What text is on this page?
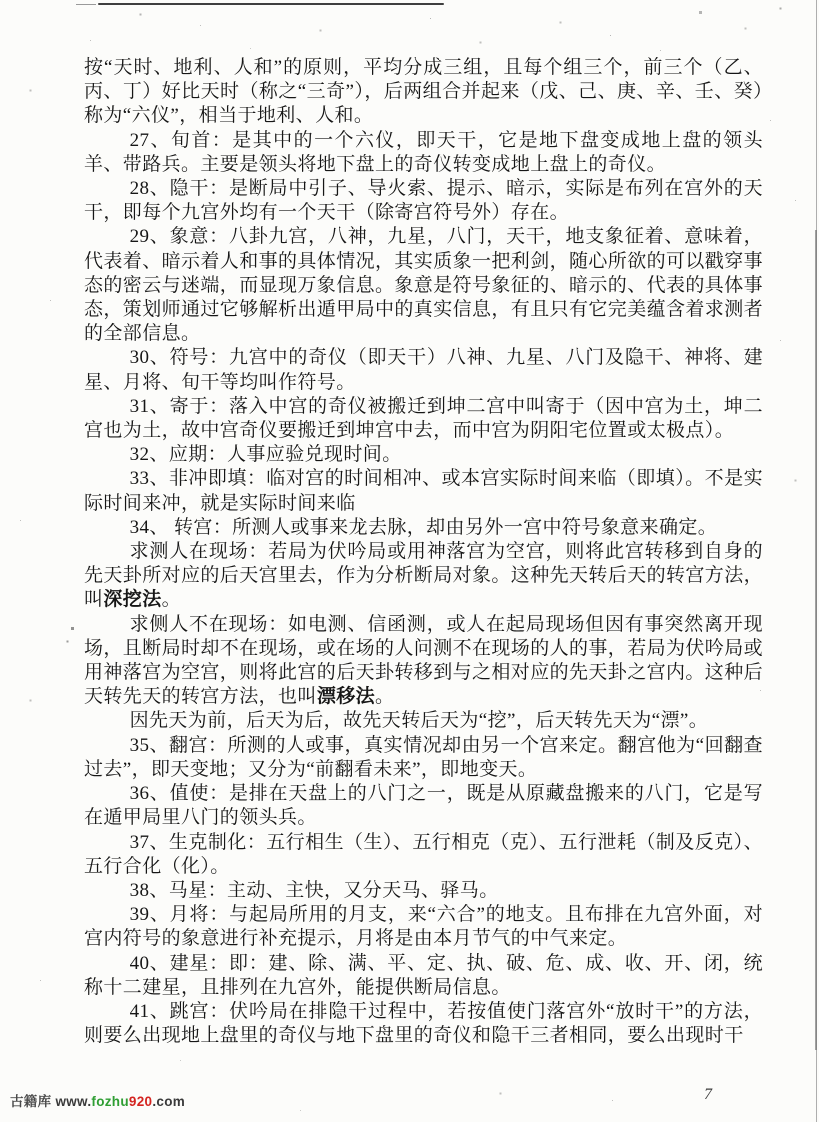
按“天时、地利、人和”的原则，平均分成三组，且每个组三个，前三个（乙、丙、丁）好比天时（称之“三奇”），后两组合并起来（戊、己、庚、辛、壬、癸）称为“六仪”，相当于地利、人和。

27、旬首：是其中的一个六仪，即天干，它是地下盘变成地上盘的领头羊、带路兵。主要是领头将地下盘上的奇仪转变成地上盘上的奇仪。

28、隐干：是断局中引子、导火索、提示、暗示，实际是布列在宫外的天干，即每个九宫外均有一个天干（除寄宫符号外）存在。

29、象意：八卦九宫，八神，九星，八门，天干，地支象征着、意味着，代表着、暗示着人和事的具体情况，其实质象一把利剑，随心所欲的可以戳穿事态的密云与迷端，而显现万象信息。象意是符号象征的、暗示的、代表的具体事态，策划师通过它够解析出遁甲局中的真实信息，有且只有它完美蕴含着求测者的全部信息。

30、符号：九宫中的奇仪（即天干）八神、九星、八门及隐干、神将、建星、月将、旬干等均叫作符号。

31、寄于：落入中宫的奇仪被搬迁到坤二宫中叫寄于（因中宫为土，坤二宫也为土，故中宫奇仪要搬迁到坤宫中去，而中宫为阴阳宅位置或太极点）。

32、应期：人事应验兑现时间。

33、非冲即填：临对宫的时间相冲、或本宫实际时间来临（即填）。不是实际时间来冲，就是实际时间来临

34、 转宫：所测人或事来龙去脉，却由另外一宫中符号象意来确定。

求测人在现场：若局为伏吟局或用神落宫为空宫，则将此宫转移到自身的先天卦所对应的后天宫里去，作为分析断局对象。这种先天转后天的转宫方法，叫深挖法。

求侧人不在现场：如电测、信函测，或人在起局现场但因有事突然离开现场，且断局时却不在现场，或在场的人问测不在现场的人的事，若局为伏吟局或用神落宫为空宫，则将此宫的后天卦转移到与之相对应的先天卦之宫内。这种后天转先天的转宫方法，也叫漂移法。

因先天为前，后天为后，故先天转后天为“挖”，后天转先天为“漂”。

35、翻宫：所测的人或事，真实情况却由另一个宫来定。翻宫他为“回翻查过去”，即天变地；又分为“前翻看未来”，即地变天。

36、值使：是排在天盘上的八门之一，既是从原藏盘搬来的八门，它是写在遁甲局里八门的领头兵。

37、生克制化：五行相生（生）、五行相克（克）、五行泄耗（制及反克）、五行合化（化）。

38、马星：主动、主快，又分天马、驿马。

39、月将：与起局所用的月支，来“六合”的地支。且布排在九宫外面，对宫内符号的象意进行补充提示，月将是由本月节气的中气来定。

40、建星：即：建、除、满、平、定、执、破、危、成、收、开、闭，统称十二建星，且排列在九宫外，能提供断局信息。

41、跳宫：伏吟局在排隐干过程中，若按值使门落宫外“放时干”的方法，则要么出现地上盘里的奇仪与地下盘里的奇仪和隐干三者相同，要么出现时干

古籍库 www.fozhu920.com	7
